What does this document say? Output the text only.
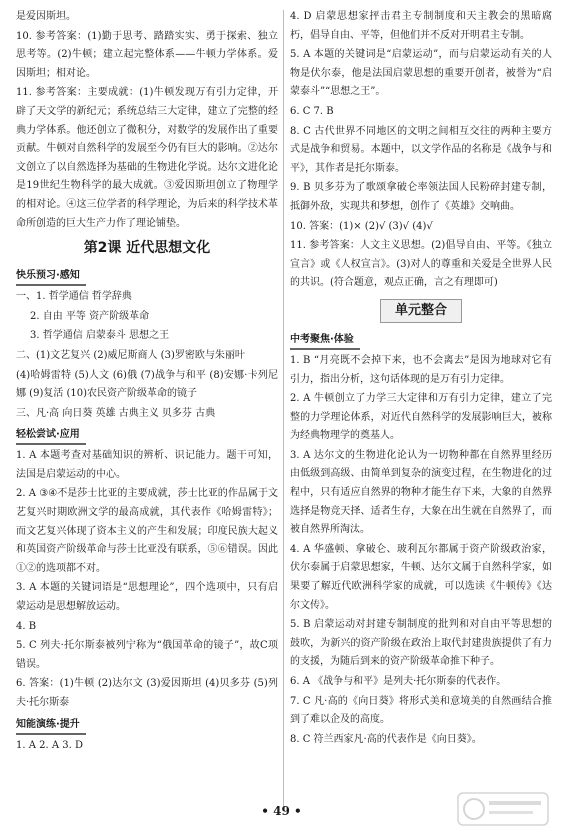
是爱因斯坦。

10. 参考答案：(1)勤于思考、踏踏实实、勇于探索、独立思考等。(2)牛顿；建立起完整体系——牛顿力学体系。爱因斯坦；相对论。

11. 参考答案：主要成就：(1)牛顿发现万有引力定律，开辟了天文学的新纪元；系统总结三大定律，建立了完整的经典力学体系。他还创立了微积分，对数学的发展作出了重要贡献。牛顿对自然科学的发展至今仍有巨大的影响。②达尔文创立了以自然选择为基础的生物进化学说。达尔文进化论是19世纪生物科学的最大成就。③爱因斯坦创立了物理学的相对论。④这三位学者的科学理论，为后来的科学技术革命所创造的巨大生产力作了理论铺垫。

第2课 近代思想文化
快乐预习·感知

一、1. 哲学通信 哲学辞典

2. 自由 平等 资产阶级革命

3. 哲学通信 启蒙泰斗 思想之王

二、(1)文艺复兴 (2)威尼斯商人 (3)罗密欧与朱丽叶

(4)哈姆雷特 (5)人文 (6)俄 (7)战争与和平 (8)安娜·卡列尼娜 (9)复活 (10)农民资产阶级革命的镜子

三、凡·高 向日葵 英雄 古典主义 贝多芬 古典

轻松尝试·应用

1. A 本题考查对基础知识的辨析、识记能力。题干可知，法国是启蒙运动的中心。

2. A ③④不是莎士比亚的主要成就，莎士比亚的作品属于文艺复兴时期欧洲文学的最高成就，其代表作《哈姆雷特》；而文艺复兴体现了资本主义的产生和发展；印度民族大起义和英国资产阶级革命与莎士比亚没有联系，⑤⑥错误。因此①②的选项都不对。

3. A 本题的关键词语是“思想理论”，四个选项中，只有启蒙运动是思想解放运动。

4. B

5. C 列夫·托尔斯泰被列宁称为“俄国革命的镜子”，故C项错误。

6. 答案：(1)牛顿 (2)达尔文 (3)爱因斯坦 (4)贝多芬 (5)列夫·托尔斯泰

知能演练·提升

1. A 2. A 3. D

4. D 启蒙思想家抨击君主专制制度和天主教会的黑暗腐朽，倡导自由、平等，但他们并不反对开明君主专制。

5. A 本题的关键词是“启蒙运动”，而与启蒙运动有关的人物是伏尔泰，他是法国启蒙思想的重要开创者，被誉为“启蒙泰斗”“思想之王”。

6. C 7. B

8. C 古代世界不同地区的文明之间相互交往的两种主要方式是战争和贸易。本题中，以文学作品的名称是《战争与和平》，其作者是托尔斯泰。

9. B 贝多芬为了歌颂拿破仑率领法国人民粉碎封建专制，抵御外敌，实现共和梦想，创作了《英雄》交响曲。

10. 答案：(1)× (2)√ (3)√ (4)√

11. 参考答案：人文主义思想。(2)倡导自由、平等。《独立宣言》或《人权宣言》。(3)对人的尊重和关爱是全世界人民的共识。(符合题意，观点正确，言之有理即可)

单元整合
中考聚焦·体验

1. B “月亮既不会掉下来，也不会离去”是因为地球对它有引力，指出分析，这句话体现的是万有引力定律。

2. A 牛顿创立了力学三大定律和万有引力定律，建立了完整的力学理论体系，对近代自然科学的发展影响巨大，被称为经典物理学的奠基人。

3. A 达尔文的生物进化论认为一切物种都在自然界里经历由低级到高级、由简单到复杂的演变过程，在生物进化的过程中，只有适应自然界的物种才能生存下来，大象的自然界选择是物竞天择、适者生存，大象在出生就在自然界了，而被自然界所淘汰。

4. A 华盛顿、拿破仑、玻利瓦尔都属于资产阶级政治家，伏尔泰属于启蒙思想家，牛顿、达尔文属于自然科学家，如果要了解近代欧洲科学家的成就，可以选读《牛顿传》《达尔文传》。

5. B 启蒙运动对封建专制制度的批判和对自由平等思想的鼓吹，为新兴的资产阶级在政治上取代封建贵族提供了有力的支援，为随后到来的资产阶级革命推下种子。

6. A 《战争与和平》是列夫·托尔斯泰的代表作。

7. C 凡·高的《向日葵》将形式美和意境美的自然画结合推到了难以企及的高度。

8. C 符兰西家凡·高的代表作是《向日葵》。

• 49 •
